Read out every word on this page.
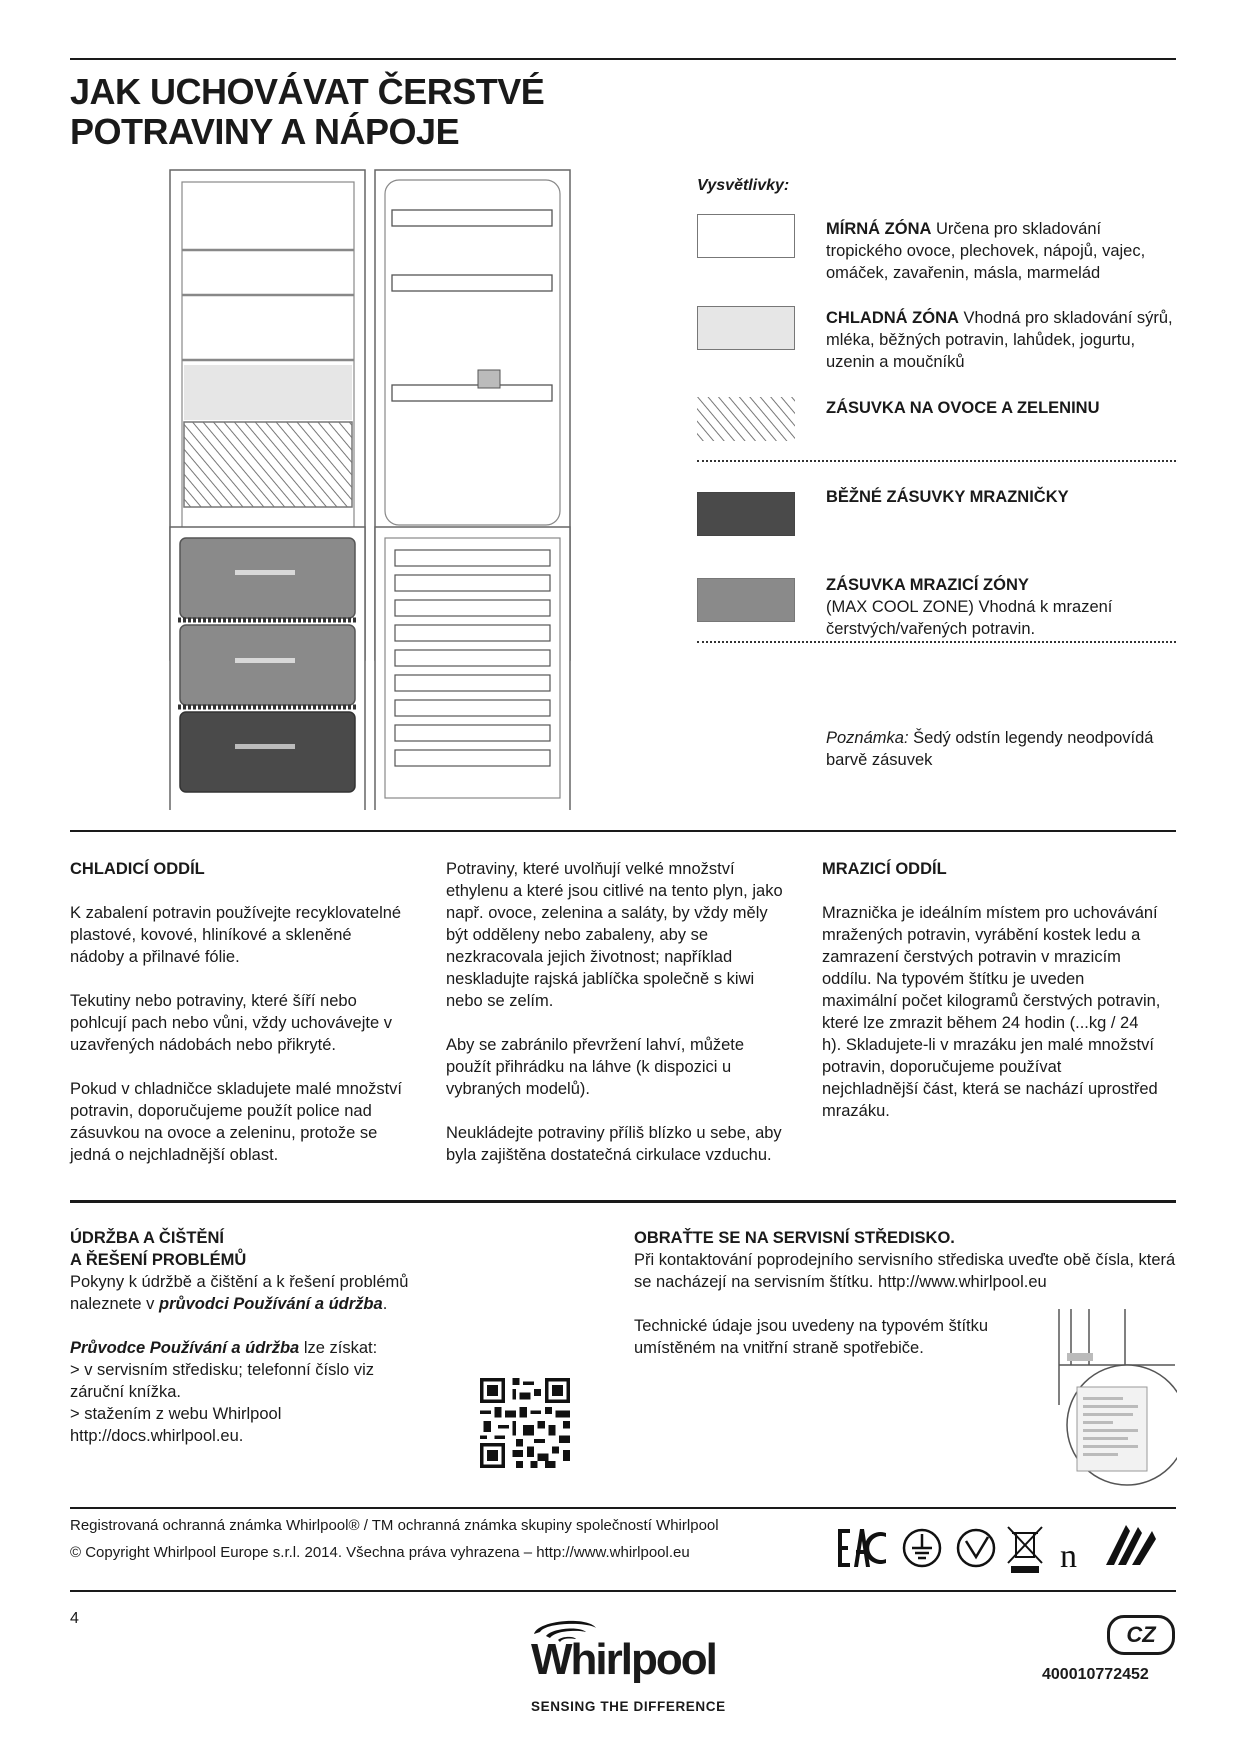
JAK UCHOVÁVAT ČERSTVÉ
POTRAVINY A NÁPOJE
Vysvětlivky:
MÍRNÁ ZÓNA Určena pro skladování tropického ovoce, plechovek, nápojů, vajec, omáček, zavařenin, másla, marmelád
CHLADNÁ ZÓNA Vhodná pro skladování sýrů, mléka, běžných potravin, lahůdek, jogurtu, uzenin a moučníků
ZÁSUVKA NA OVOCE A ZELENINU
BĚŽNÉ ZÁSUVKY MRAZNIČKY
ZÁSUVKA MRAZICÍ ZÓNY
(MAX COOL ZONE) Vhodná k mrazení čerstvých/vařených potravin.
Poznámka: Šedý odstín legendy neodpovídá barvě zásuvek
CHLADICÍ ODDÍL

K zabalení potravin používejte recyklovatelné plastové, kovové, hliníkové a skleněné nádoby a přilnavé fólie.

Tekutiny nebo potraviny, které šíří nebo pohlcují pach nebo vůni, vždy uchovávejte v uzavřených nádobách nebo přikryté.

Pokud v chladničce skladujete malé množství potravin, doporučujeme použít police nad zásuvkou na ovoce a zeleninu, protože se jedná o nejchladnější oblast.

Potraviny, které uvolňují velké množství ethylenu a které jsou citlivé na tento plyn, jako např. ovoce, zelenina a saláty, by vždy měly být odděleny nebo zabaleny, aby se nezkracovala jejich životnost; například neskladujte rajská jablíčka společně s kiwi nebo se zelím.

Aby se zabránilo převržení lahví, můžete použít přihrádku na láhve (k dispozici u vybraných modelů).

Neukládejte potraviny příliš blízko u sebe, aby byla zajištěna dostatečná cirkulace vzduchu.

MRAZICÍ ODDÍL

Mraznička je ideálním místem pro uchovávání mražených potravin, vyrábění kostek ledu a zamrazení čerstvých potravin v mrazicím oddílu. Na typovém štítku je uveden maximální počet kilogramů čerstvých potravin, které lze zmrazit během 24 hodin (...kg / 24 h). Skladujete-li v mrazáku jen malé množství potravin, doporučujeme používat nejchladnější část, která se nachází uprostřed mrazáku.

ÚDRŽBA A ČIŠTĚNÍ
A ŘEŠENÍ PROBLÉMŮ
Pokyny k údržbě a čištění a k řešení problémů naleznete v průvodci Používání a údržba.
Průvodce Používání a údržba lze získat:
> v servisním středisku; telefonní číslo viz záruční knížka.
> stažením z webu Whirlpool
http://docs.whirlpool.eu.
OBRAŤTE SE NA SERVISNÍ STŘEDISKO.
Při kontaktování poprodejního servisního střediska uveďte obě čísla, která se nacházejí na servisním štítku. http://www.whirlpool.eu
Technické údaje jsou uvedeny na typovém štítku umístěném na vnitřní straně spotřebiče.
Registrovaná ochranná známka Whirlpool® / TM ochranná známka skupiny společností Whirlpool
© Copyright Whirlpool Europe s.r.l. 2014. Všechna práva vyhrazena – http://www.whirlpool.eu	n
4
Whirlpool
SENSING THE DIFFERENCE
CZ
400010772452
